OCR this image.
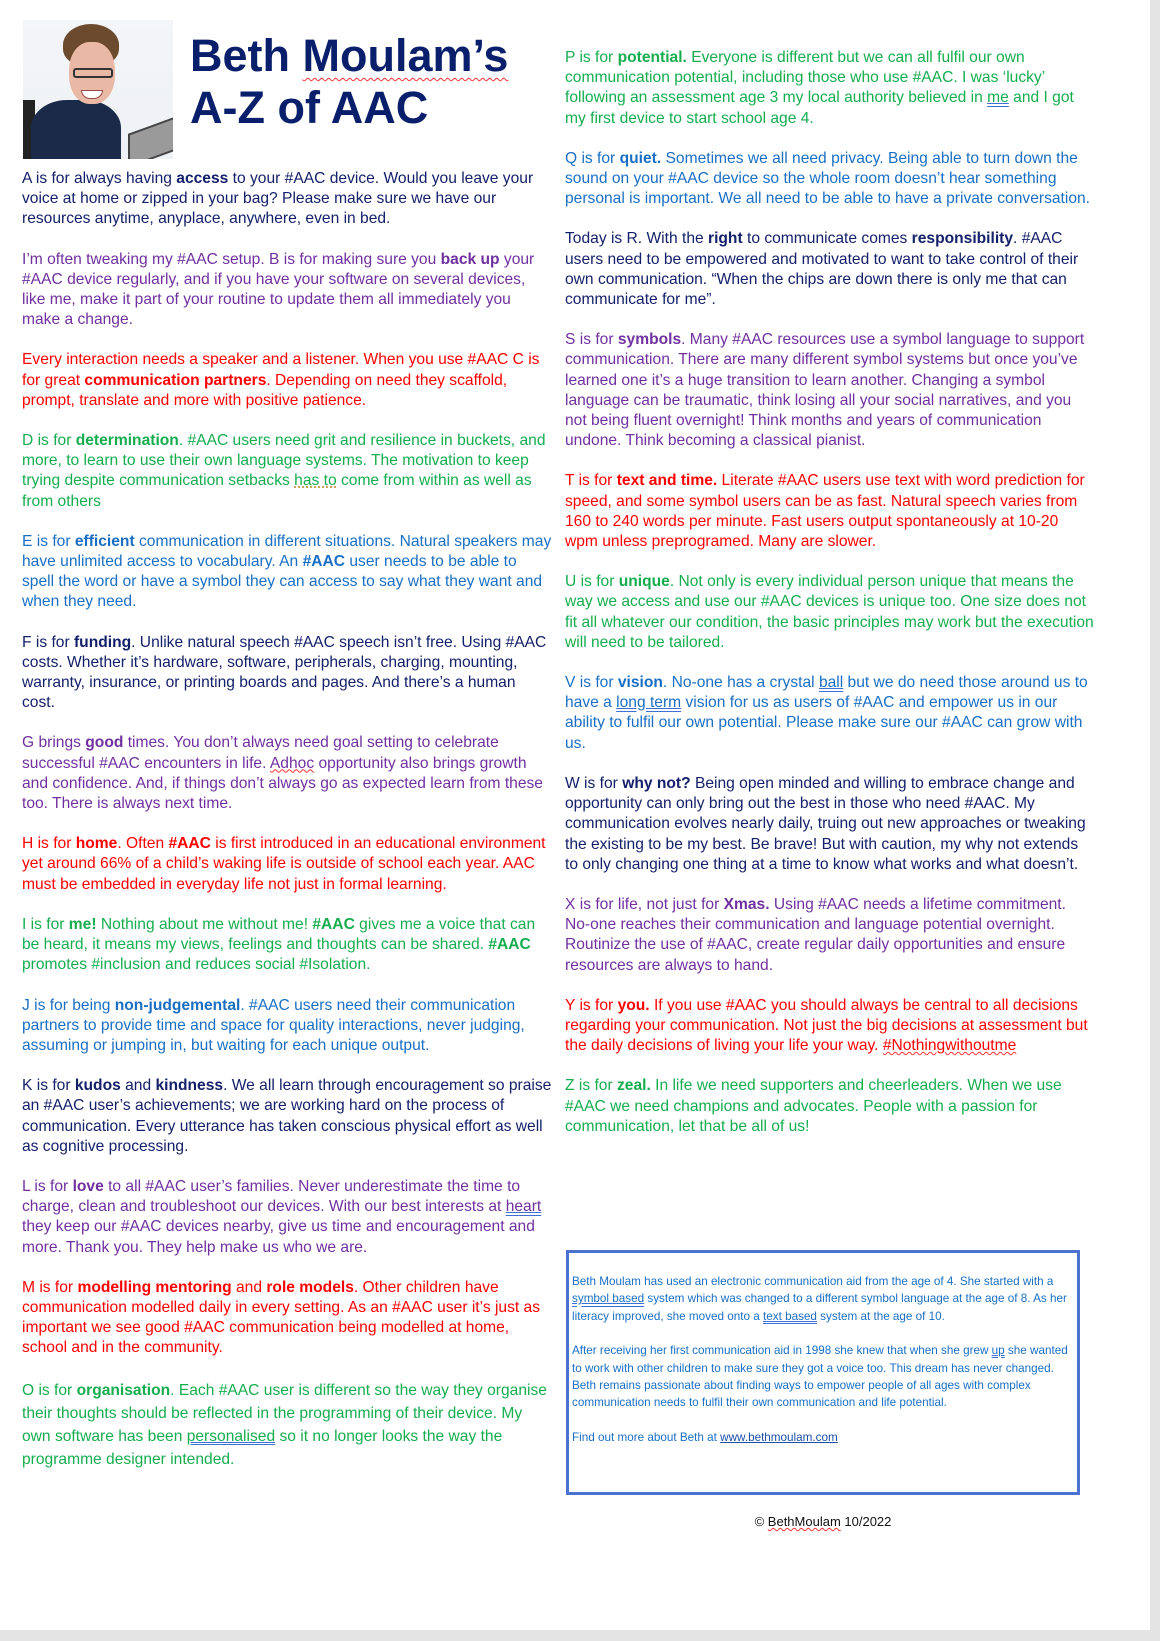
Beth Moulam’s
A-Z of AAC

A is for always having access to your #AAC device. Would you leave your voice at home or zipped in your bag? Please make sure we have our resources anytime, anyplace, anywhere, even in bed.

I’m often tweaking my #AAC setup. B is for making sure you back up your #AAC device regularly, and if you have your software on several devices, like me, make it part of your routine to update them all immediately you make a change.

Every interaction needs a speaker and a listener. When you use #AAC C is for great communication partners. Depending on need they scaffold, prompt, translate and more with positive patience.

D is for determination. #AAC users need grit and resilience in buckets, and more, to learn to use their own language systems. The motivation to keep trying despite communication setbacks has to come from within as well as from others

E is for efficient communication in different situations. Natural speakers may have unlimited access to vocabulary. An #AAC user needs to be able to spell the word or have a symbol they can access to say what they want and when they need.

F is for funding. Unlike natural speech #AAC speech isn’t free. Using #AAC costs. Whether it’s hardware, software, peripherals, charging, mounting, warranty, insurance, or printing boards and pages. And there’s a human cost.

G brings good times. You don’t always need goal setting to celebrate successful #AAC encounters in life. Adhoc opportunity also brings growth and confidence. And, if things don’t always go as expected learn from these too. There is always next time.

H is for home. Often #AAC is first introduced in an educational environment yet around 66% of a child’s waking life is outside of school each year. AAC must be embedded in everyday life not just in formal learning.

I is for me! Nothing about me without me! #AAC gives me a voice that can be heard, it means my views, feelings and thoughts can be shared. #AAC promotes #inclusion and reduces social #Isolation.

J is for being non-judgemental. #AAC users need their communication partners to provide time and space for quality interactions, never judging, assuming or jumping in, but waiting for each unique output.

K is for kudos and kindness. We all learn through encouragement so praise an #AAC user’s achievements; we are working hard on the process of communication. Every utterance has taken conscious physical effort as well as cognitive processing.

L is for love to all #AAC user’s families. Never underestimate the time to charge, clean and troubleshoot our devices. With our best interests at heart they keep our #AAC devices nearby, give us time and encouragement and more. Thank you. They help make us who we are.

M is for modelling mentoring and role models. Other children have communication modelled daily in every setting. As an #AAC user it’s just as important we see good #AAC communication being modelled at home, school and in the community.

O is for organisation. Each #AAC user is different so the way they organise their thoughts should be reflected in the programming of their device. My own software has been personalised so it no longer looks the way the programme designer intended.

P is for potential. Everyone is different but we can all fulfil our own communication potential, including those who use #AAC. I was ‘lucky’ following an assessment age 3 my local authority believed in me and I got my first device to start school age 4.

Q is for quiet. Sometimes we all need privacy. Being able to turn down the sound on your #AAC device so the whole room doesn’t hear something personal is important. We all need to be able to have a private conversation.

Today is R. With the right to communicate comes responsibility. #AAC users need to be empowered and motivated to want to take control of their own communication. “When the chips are down there is only me that can communicate for me”.

S is for symbols. Many #AAC resources use a symbol language to support communication. There are many different symbol systems but once you’ve learned one it’s a huge transition to learn another. Changing a symbol language can be traumatic, think losing all your social narratives, and you not being fluent overnight! Think months and years of communication undone. Think becoming a classical pianist.

T is for text and time. Literate #AAC users use text with word prediction for speed, and some symbol users can be as fast. Natural speech varies from 160 to 240 words per minute. Fast users output spontaneously at 10-20 wpm unless preprogramed. Many are slower.

U is for unique. Not only is every individual person unique that means the way we access and use our #AAC devices is unique too. One size does not fit all whatever our condition, the basic principles may work but the execution will need to be tailored.

V is for vision. No-one has a crystal ball but we do need those around us to have a long term vision for us as users of #AAC and empower us in our ability to fulfil our own potential. Please make sure our #AAC can grow with us.

W is for why not? Being open minded and willing to embrace change and opportunity can only bring out the best in those who need #AAC. My communication evolves nearly daily, truing out new approaches or tweaking the existing to be my best. Be brave! But with caution, my why not extends to only changing one thing at a time to know what works and what doesn’t.

X is for life, not just for Xmas. Using #AAC needs a lifetime commitment. No-one reaches their communication and language potential overnight. Routinize the use of #AAC, create regular daily opportunities and ensure resources are always to hand.

Y is for you. If you use #AAC you should always be central to all decisions regarding your communication. Not just the big decisions at assessment but the daily decisions of living your life your way. #Nothingwithoutme

Z is for zeal. In life we need supporters and cheerleaders. When we use #AAC we need champions and advocates. People with a passion for communication, let that be all of us!

Beth Moulam has used an electronic communication aid from the age of 4. She started with a symbol based system which was changed to a different symbol language at the age of 8. As her literacy improved, she moved onto a text based system at the age of 10.

After receiving her first communication aid in 1998 she knew that when she grew up she wanted to work with other children to make sure they got a voice too. This dream has never changed. Beth remains passionate about finding ways to empower people of all ages with complex communication needs to fulfil their own communication and life potential.

Find out more about Beth at www.bethmoulam.com

© BethMoulam 10/2022
